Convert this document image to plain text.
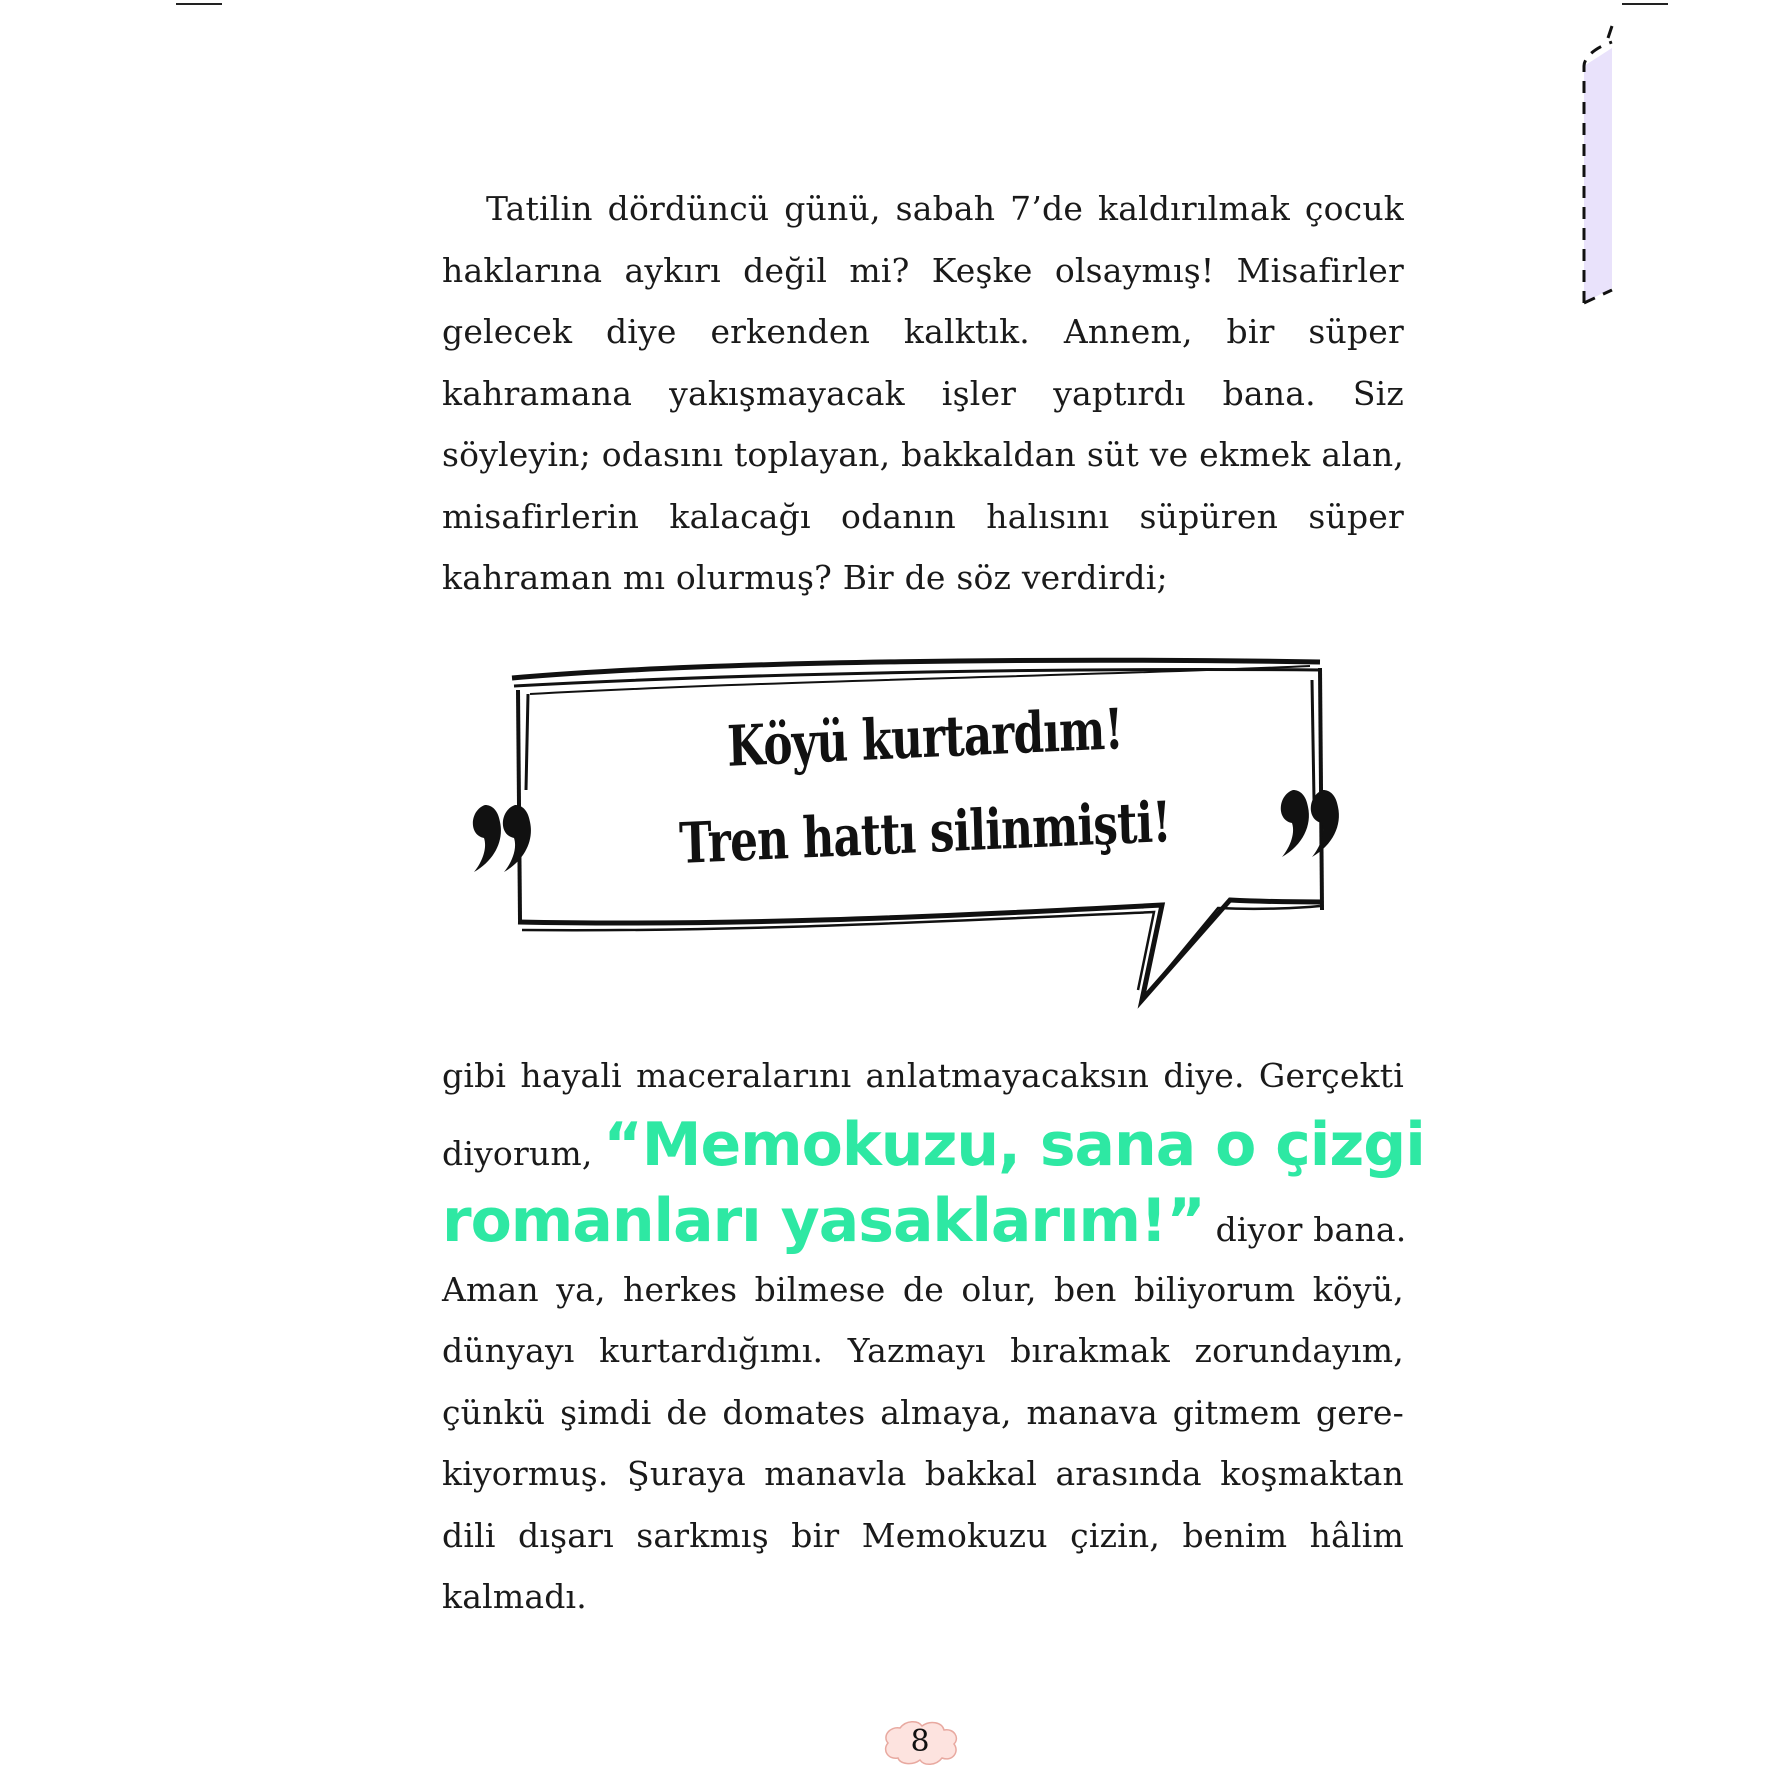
Tatilin dördüncü günü, sabah 7’de kaldırılmak çocuk haklarına aykırı değil mi? Keşke olsaymış! Misafirler gelecek diye erkenden kalktık. Annem, bir süper kahramana yakışmayacak işler yaptırdı bana. Siz söyleyin; odasını toplayan, bakkaldan süt ve ekmek alan, misafirlerin kalacağı odanın halısını süpüren süper kahraman mı olurmuş? Bir de söz verdirdi;

Köyü kurtardım!

Tren hattı silinmişti!

gibi hayali maceralarını anlatmayacaksın diye. Gerçekti
diyorum, “Memokuzu, sana o çizgi
romanları yasaklarım!” diyor bana.
Aman ya, herkes bilmese de olur, ben biliyorum köyü,
dünyayı kurtardığımı. Yazmayı bırakmak zorundayım,
çünkü şimdi de domates almaya, manava gitmem gere-
kiyormuş. Şuraya manavla bakkal arasında koşmaktan
dili dışarı sarkmış bir Memokuzu çizin, benim hâlim
kalmadı.

8
